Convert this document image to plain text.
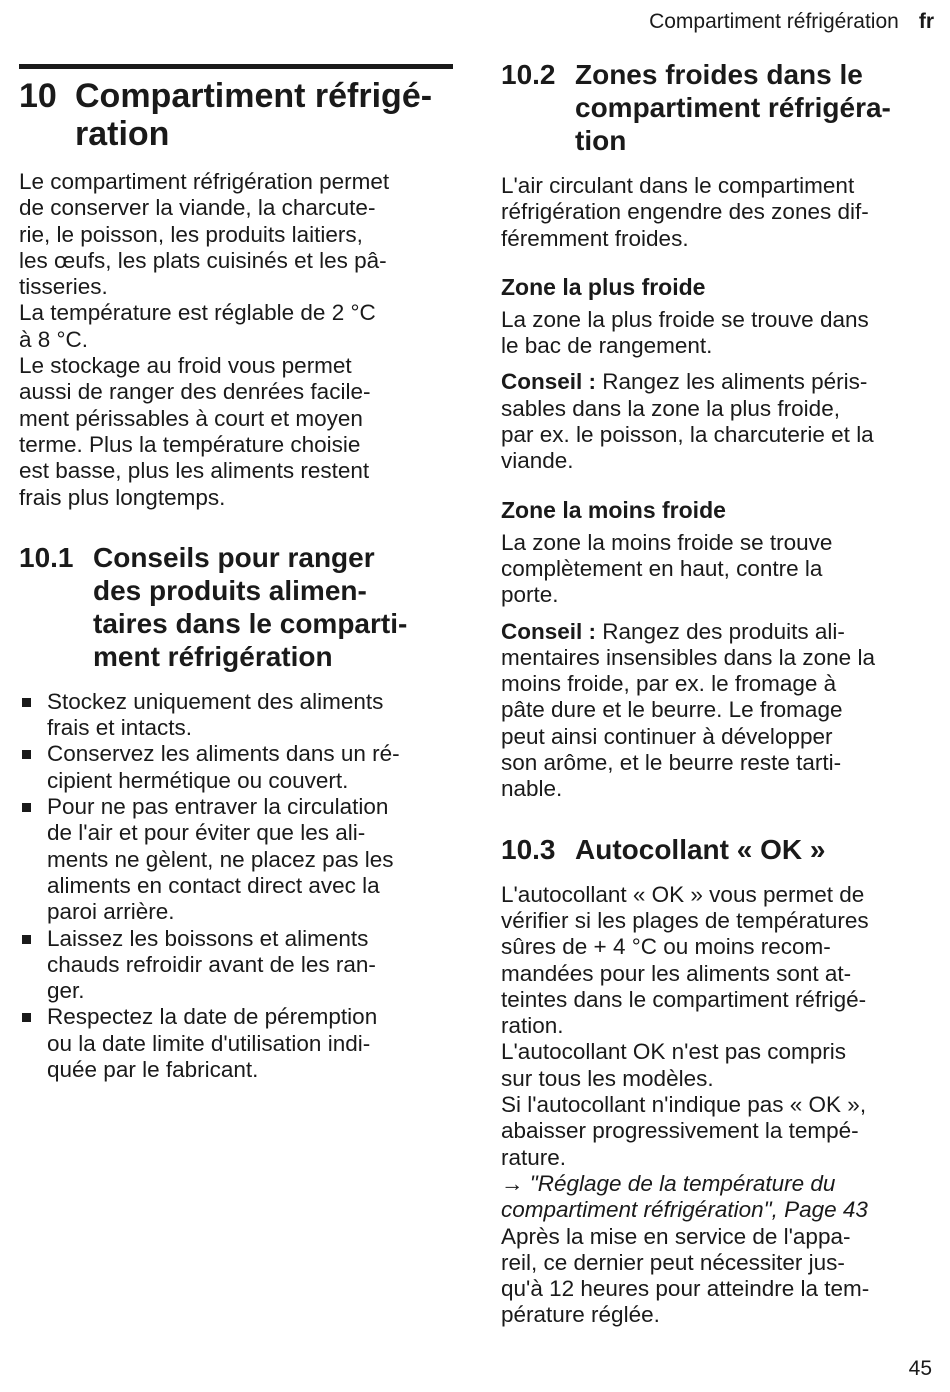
Compartiment réfrigération fr
10 Compartiment réfrigé-
ration

Le compartiment réfrigération permet
de conserver la viande, la charcute-
rie, le poisson, les produits laitiers,
les œufs, les plats cuisinés et les pâ-
tisseries.
La température est réglable de 2 °C
à 8 °C.
Le stockage au froid vous permet
aussi de ranger des denrées facile-
ment périssables à court et moyen
terme. Plus la température choisie
est basse, plus les aliments restent
frais plus longtemps.

10.1 Conseils pour ranger
des produits alimen-
taires dans le comparti-
ment réfrigération
Stockez uniquement des aliments
frais et intacts.
Conservez les aliments dans un ré-
cipient hermétique ou couvert.
Pour ne pas entraver la circulation
de l'air et pour éviter que les ali-
ments ne gèlent, ne placez pas les
aliments en contact direct avec la
paroi arrière.
Laissez les boissons et aliments
chauds refroidir avant de les ran-
ger.
Respectez la date de péremption
ou la date limite d'utilisation indi-
quée par le fabricant.
10.2 Zones froides dans le
compartiment réfrigéra-
tion

L'air circulant dans le compartiment
réfrigération engendre des zones dif-
féremment froides.

Zone la plus froide

La zone la plus froide se trouve dans
le bac de rangement.

Conseil : Rangez les aliments péris-
sables dans la zone la plus froide,
par ex. le poisson, la charcuterie et la
viande.

Zone la moins froide

La zone la moins froide se trouve
complètement en haut, contre la
porte.

Conseil : Rangez des produits ali-
mentaires insensibles dans la zone la
moins froide, par ex. le fromage à
pâte dure et le beurre. Le fromage
peut ainsi continuer à développer
son arôme, et le beurre reste tarti-
nable.

10.3 Autocollant « OK »

L'autocollant « OK » vous permet de
vérifier si les plages de températures
sûres de + 4 °C ou moins recom-
mandées pour les aliments sont at-
teintes dans le compartiment réfrigé-
ration.
L'autocollant OK n'est pas compris
sur tous les modèles.
Si l'autocollant n'indique pas « OK »,
abaisser progressivement la tempé-
rature.

→ "Réglage de la température du
compartiment réfrigération", Page 43

Après la mise en service de l'appa-
reil, ce dernier peut nécessiter jus-
qu'à 12 heures pour atteindre la tem-
pérature réglée.

45
